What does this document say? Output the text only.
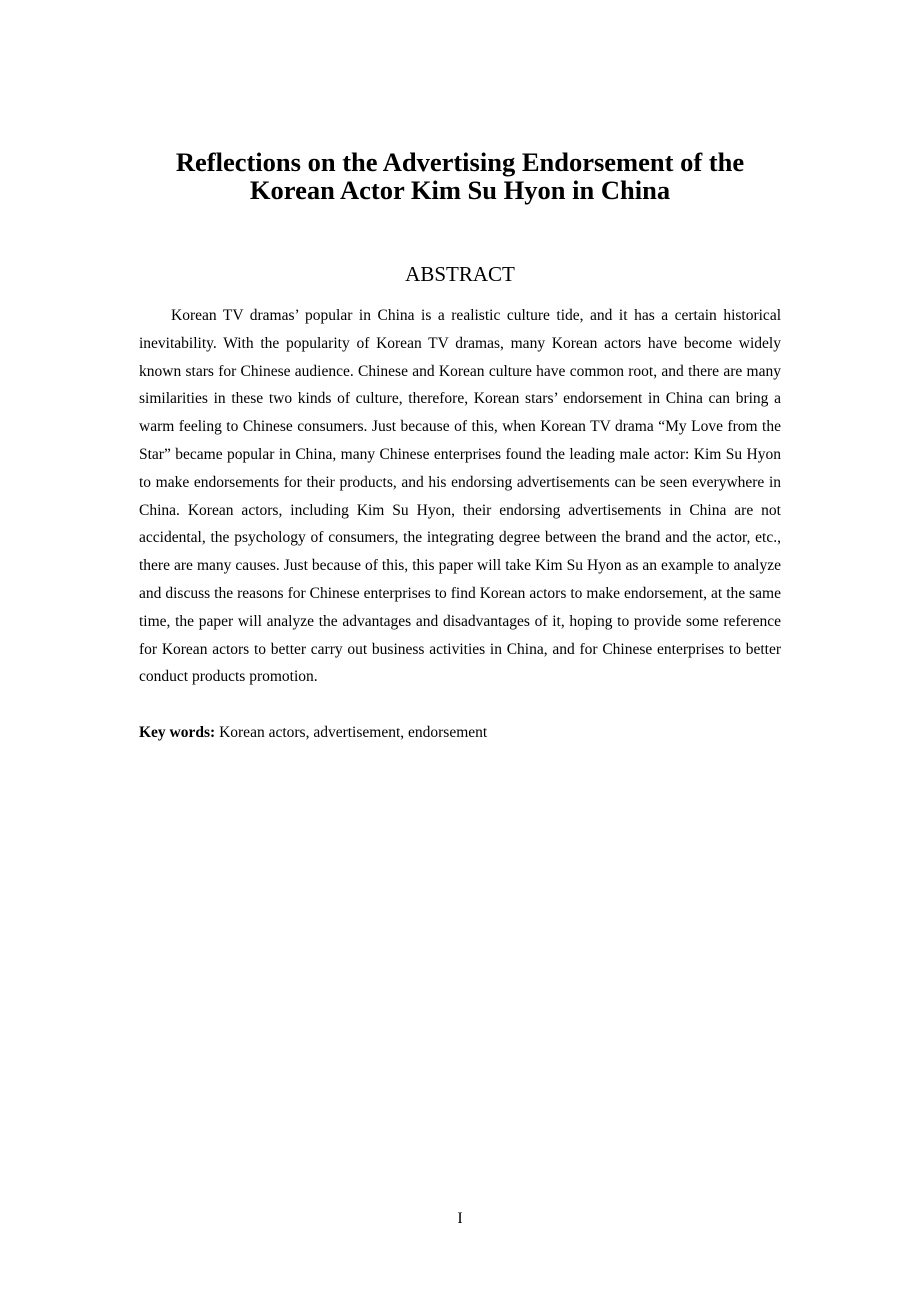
Reflections on the Advertising Endorsement of the
Korean Actor Kim Su Hyon in China
ABSTRACT

Korean TV dramas’ popular in China is a realistic culture tide, and it has a certain historical inevitability. With the popularity of Korean TV dramas, many Korean actors have become widely known stars for Chinese audience. Chinese and Korean culture have common root, and there are many similarities in these two kinds of culture, therefore, Korean stars’ endorsement in China can bring a warm feeling to Chinese consumers. Just because of this, when Korean TV drama “My Love from the Star” became popular in China, many Chinese enterprises found the leading male actor: Kim Su Hyon to make endorsements for their products, and his endorsing advertisements can be seen everywhere in China. Korean actors, including Kim Su Hyon, their endorsing advertisements in China are not accidental, the psychology of consumers, the integrating degree between the brand and the actor, etc., there are many causes. Just because of this, this paper will take Kim Su Hyon as an example to analyze and discuss the reasons for Chinese enterprises to find Korean actors to make endorsement, at the same time, the paper will analyze the advantages and disadvantages of it, hoping to provide some reference for Korean actors to better carry out business activities in China, and for Chinese enterprises to better conduct products promotion.

Key words: Korean actors, advertisement, endorsement

I
